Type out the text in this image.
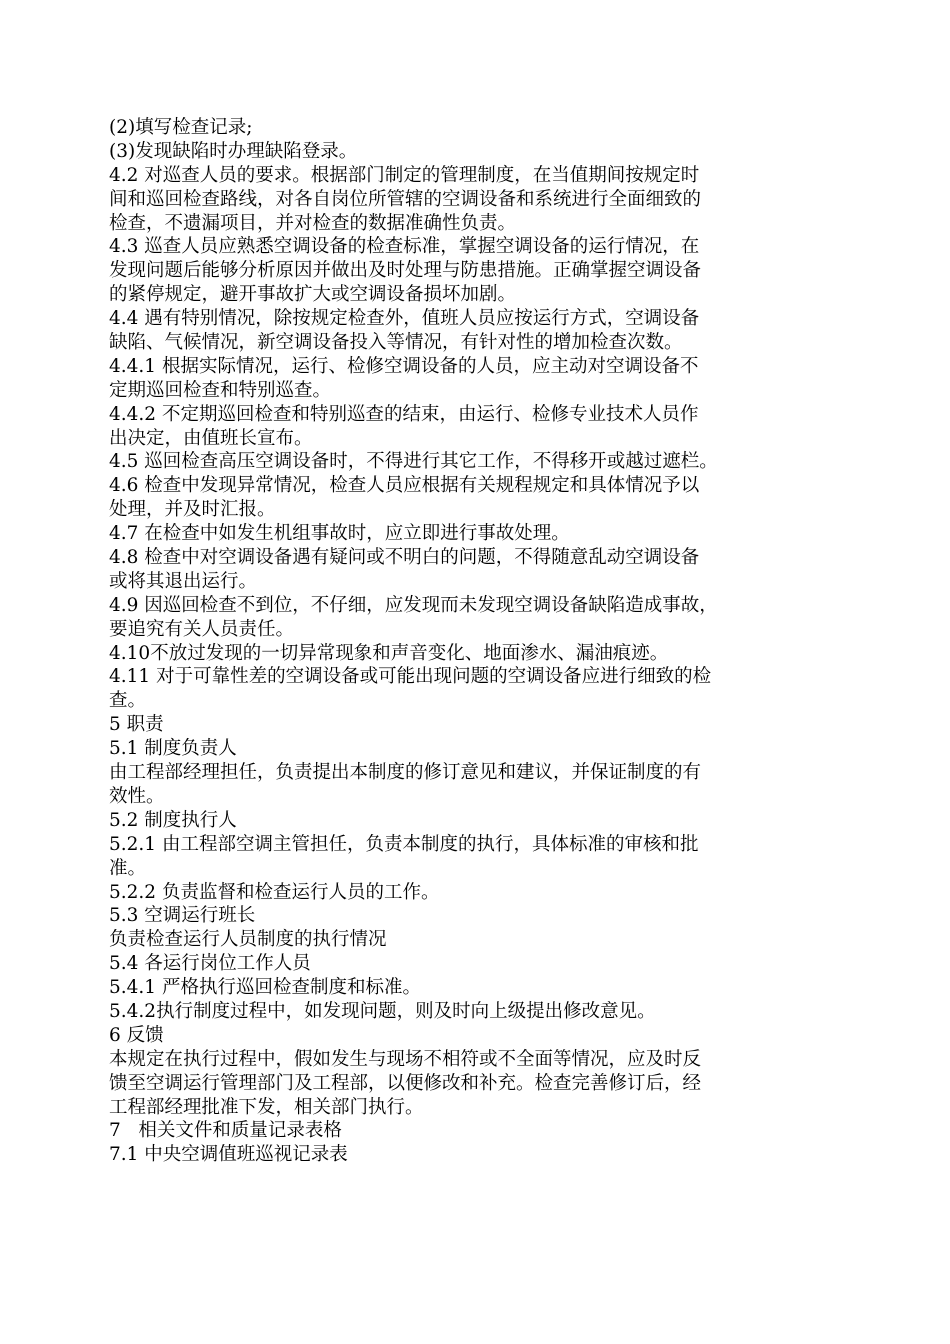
(2)填写检查记录;
(3)发现缺陷时办理缺陷登录。
4.2 对巡查人员的要求。根据部门制定的管理制度，在当值期间按规定时
间和巡回检查路线，对各自岗位所管辖的空调设备和系统进行全面细致的
检查，不遗漏项目，并对检查的数据准确性负责。
4.3 巡查人员应熟悉空调设备的检查标准，掌握空调设备的运行情况，在
发现问题后能够分析原因并做出及时处理与防患措施。正确掌握空调设备
的紧停规定，避开事故扩大或空调设备损坏加剧。
4.4 遇有特别情况，除按规定检查外，值班人员应按运行方式，空调设备
缺陷、气候情况，新空调设备投入等情况，有针对性的增加检查次数。
4.4.1 根据实际情况，运行、检修空调设备的人员，应主动对空调设备不
定期巡回检查和特别巡查。
4.4.2 不定期巡回检查和特别巡查的结束，由运行、检修专业技术人员作
出决定，由值班长宣布。
4.5 巡回检查高压空调设备时，不得进行其它工作，不得移开或越过遮栏。
4.6 检查中发现异常情况，检查人员应根据有关规程规定和具体情况予以
处理，并及时汇报。
4.7 在检查中如发生机组事故时，应立即进行事故处理。
4.8 检查中对空调设备遇有疑问或不明白的问题，不得随意乱动空调设备
或将其退出运行。
4.9 因巡回检查不到位，不仔细，应发现而未发现空调设备缺陷造成事故，
要追究有关人员责任。
4.10不放过发现的一切异常现象和声音变化、地面渗水、漏油痕迹。
4.11 对于可靠性差的空调设备或可能出现问题的空调设备应进行细致的检
查。
5 职责
5.1 制度负责人
由工程部经理担任，负责提出本制度的修订意见和建议，并保证制度的有
效性。
5.2 制度执行人
5.2.1 由工程部空调主管担任，负责本制度的执行，具体标准的审核和批
准。
5.2.2 负责监督和检查运行人员的工作。
5.3 空调运行班长
负责检查运行人员制度的执行情况
5.4 各运行岗位工作人员
5.4.1 严格执行巡回检查制度和标准。
5.4.2执行制度过程中，如发现问题，则及时向上级提出修改意见。
6 反馈
本规定在执行过程中，假如发生与现场不相符或不全面等情况，应及时反
馈至空调运行管理部门及工程部，以便修改和补充。检查完善修订后，经
工程部经理批准下发，相关部门执行。
7   相关文件和质量记录表格
7.1 中央空调值班巡视记录表
